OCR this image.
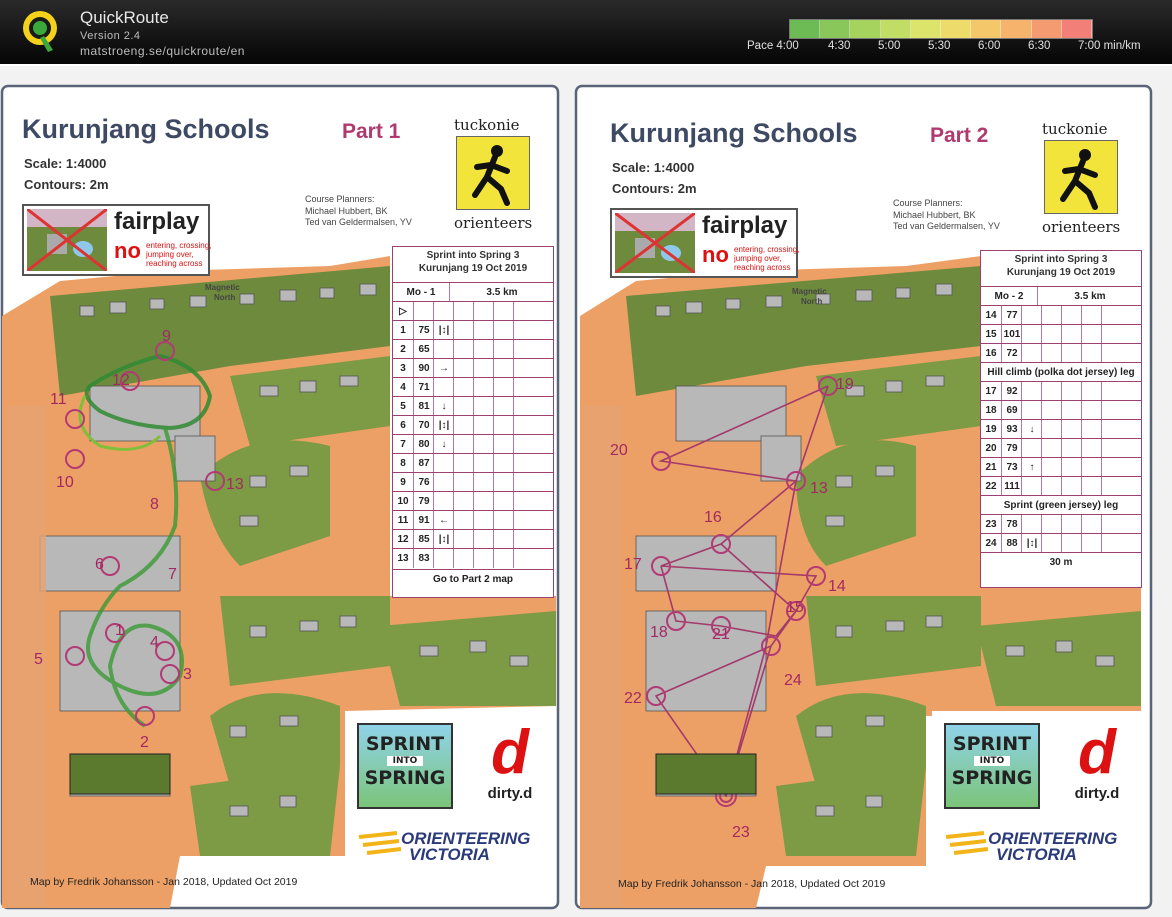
QuickRoute
Version 2.4
matstroeng.se/quickroute/en	Pace 4:00	4:30 5:00 5:30 6:00 6:30 7:00 min/km
Kurunjang Schools	Part 1
Scale: 1:4000
Contours: 2m
Course Planners:
Michael Hubbert, BK
Ted van Geldermalsen, YV
tuckonie
orienteers
fairplay
no entering, crossing,
jumping over,
reaching across
Magnetic
North
Sprint into Spring 3
Kurunjang 19 Oct 2019
Mo - 1	3.5 km
▷
1	75 |↕|
2	65
3	90 →
4	71
5	81	↓
6	70 |↕|
7	80	↓
8	87
9	76
10 79
11	91 ←
12 85 |↕|
13 83
Go to Part 2 map
9
12
11
10	13
6
1
5
3
4
2
7
8
SPRINT
INTO
SPRING d
dirty.d
ORIENTEERING
VICTORIA
Map by Fredrik Johansson - Jan 2018, Updated Oct 2019
Kurunjang Schools	Part 2
Scale: 1:4000
Contours: 2m
Course Planners:
Michael Hubbert, BK
Ted van Geldermalsen, YV
tuckonie
orienteers
fairplay
no entering, crossing,
jumping over,
reaching across
Magnetic
North
Sprint into Spring 3
Kurunjang 19 Oct 2019
Mo - 2	3.5 km
14 77
15 101
16 72
Hill climb (polka dot jersey) leg
17 92
18 69
19 93	↓
20 79
21 73	↑
22 111
Sprint (green jersey) leg
23 78
24 88 |↕|
30 m
19
20
13
16
17
14
15
18	21
22
24
23
SPRINT
INTO
SPRING d
dirty.d
ORIENTEERING
VICTORIA
Map by Fredrik Johansson - Jan 2018, Updated Oct 2019
